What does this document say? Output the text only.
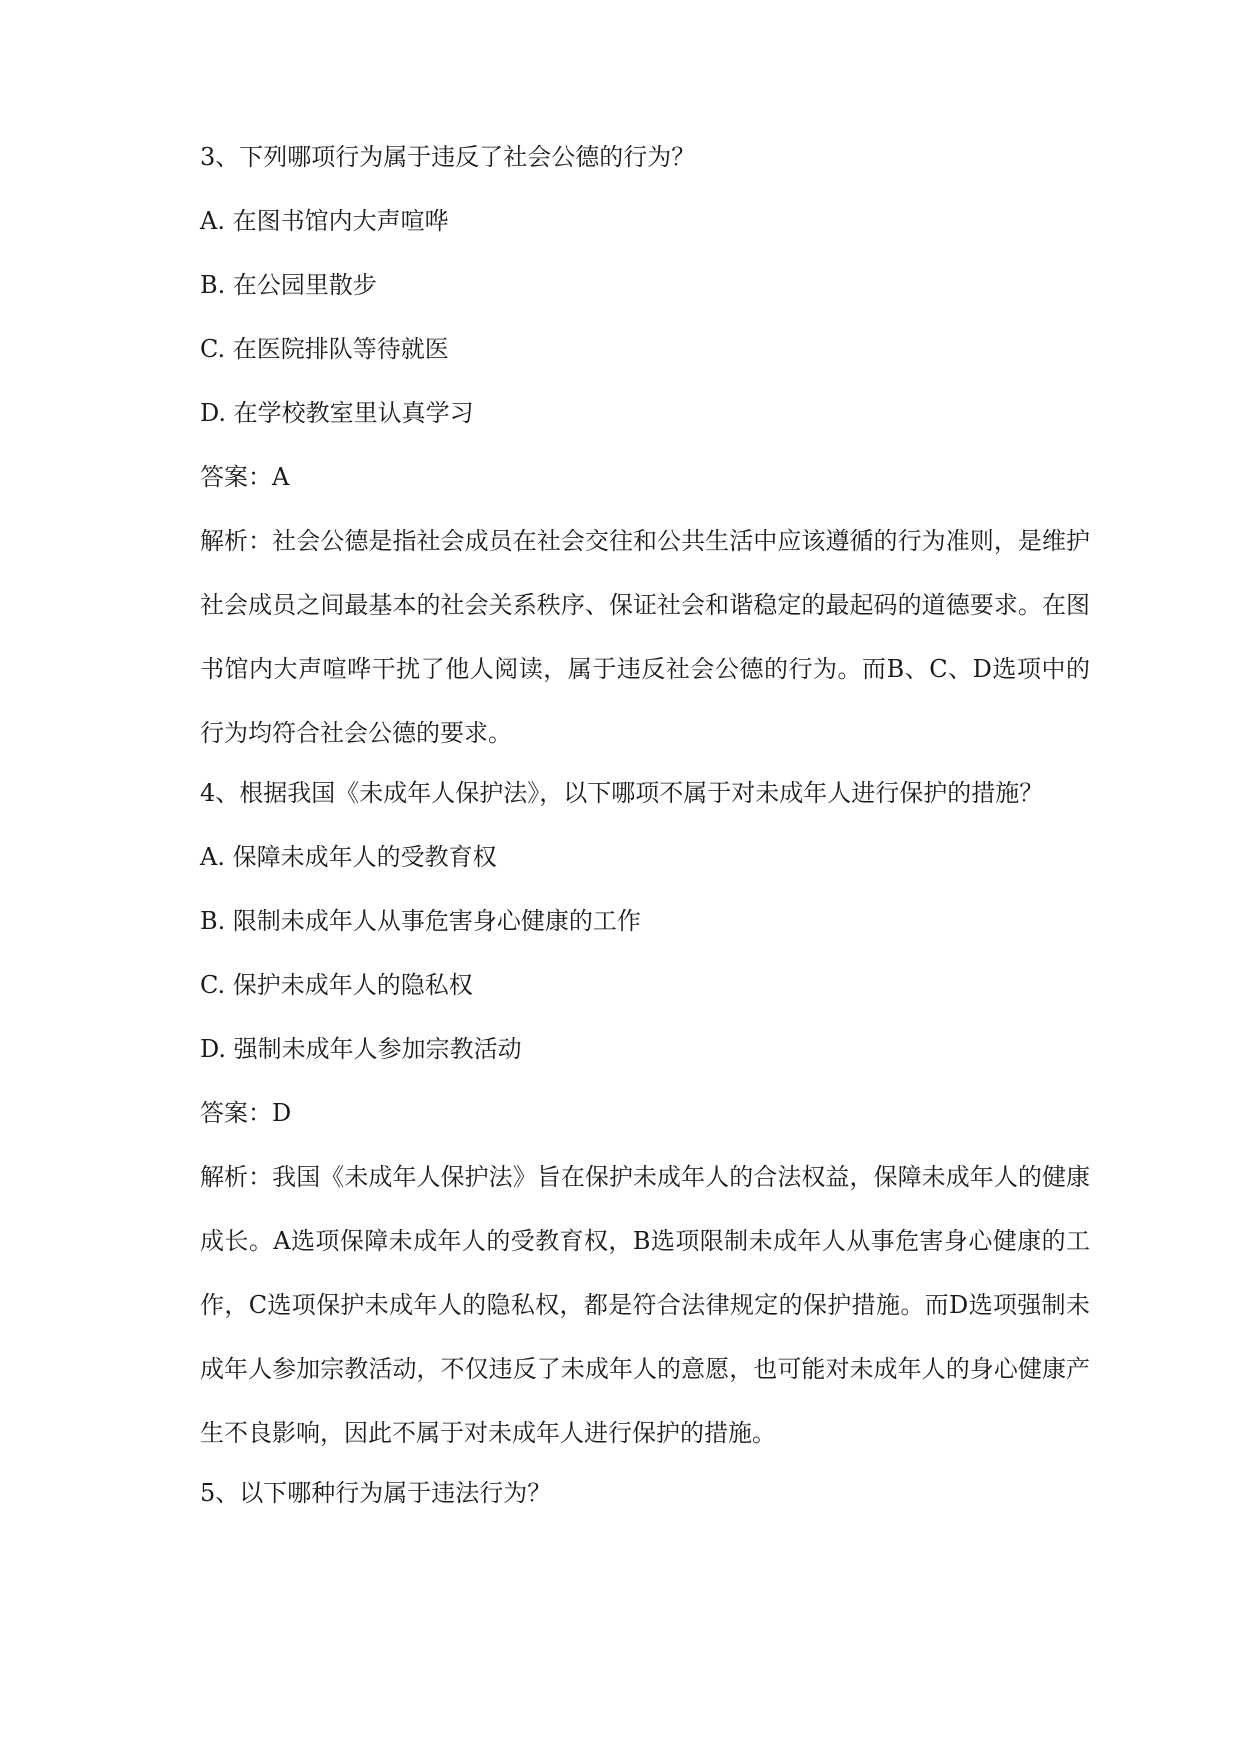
3、下列哪项行为属于违反了社会公德的行为？
A. 在图书馆内大声喧哗
B. 在公园里散步
C. 在医院排队等待就医
D. 在学校教室里认真学习
答案：A
解析：社会公德是指社会成员在社会交往和公共生活中应该遵循的行为准则，是维护社会成员之间最基本的社会关系秩序、保证社会和谐稳定的最起码的道德要求。在图书馆内大声喧哗干扰了他人阅读，属于违反社会公德的行为。而B、C、D选项中的行为均符合社会公德的要求。
4、根据我国《未成年人保护法》，以下哪项不属于对未成年人进行保护的措施？
A. 保障未成年人的受教育权
B. 限制未成年人从事危害身心健康的工作
C. 保护未成年人的隐私权
D. 强制未成年人参加宗教活动
答案：D
解析：我国《未成年人保护法》旨在保护未成年人的合法权益，保障未成年人的健康成长。A选项保障未成年人的受教育权，B选项限制未成年人从事危害身心健康的工作，C选项保护未成年人的隐私权，都是符合法律规定的保护措施。而D选项强制未成年人参加宗教活动，不仅违反了未成年人的意愿，也可能对未成年人的身心健康产生不良影响，因此不属于对未成年人进行保护的措施。
5、以下哪种行为属于违法行为？
